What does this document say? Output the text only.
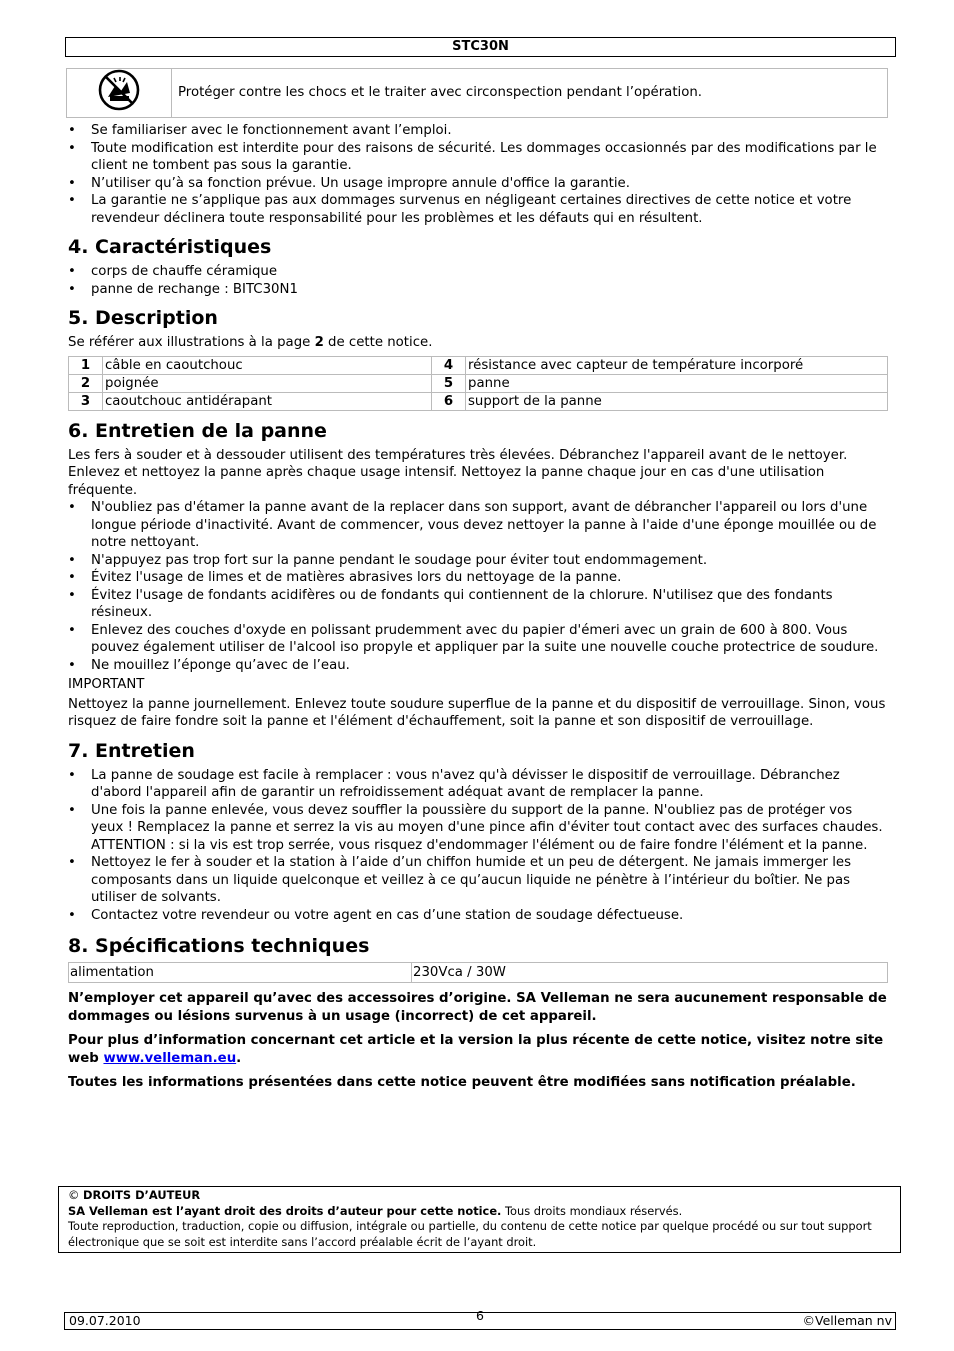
STC30N
	Protéger contre les chocs et le traiter avec circonspection pendant l’opération.
• Se familiariser avec le fonctionnement avant l’emploi.
• Toute modification est interdite pour des raisons de sécurité. Les dommages occasionnés par des modifications par le client ne tombent pas sous la garantie.
• N’utiliser qu’à sa fonction prévue. Un usage impropre annule d'office la garantie.
• La garantie ne s’applique pas aux dommages survenus en négligeant certaines directives de cette notice et votre revendeur déclinera toute responsabilité pour les problèmes et les défauts qui en résultent.
4. Caractéristiques
• corps de chauffe céramique
• panne de rechange : BITC30N1
5. Description

Se référer aux illustrations à la page 2 de cette notice.

1	câble en caoutchouc	4	résistance avec capteur de température incorporé
2	poignée	5	panne
3	caoutchouc antidérapant	6	support de la panne
6. Entretien de la panne

Les fers à souder et à dessouder utilisent des températures très élevées. Débranchez l'appareil avant de le nettoyer.

Enlevez et nettoyez la panne après chaque usage intensif. Nettoyez la panne chaque jour en cas d'une utilisation fréquente.

• N'oubliez pas d'étamer la panne avant de la replacer dans son support, avant de débrancher l'appareil ou lors d'une longue période d'inactivité. Avant de commencer, vous devez nettoyer la panne à l'aide d'une éponge mouillée ou de notre nettoyant.
• N'appuyez pas trop fort sur la panne pendant le soudage pour éviter tout endommagement.
• Évitez l'usage de limes et de matières abrasives lors du nettoyage de la panne.
• Évitez l'usage de fondants acidifères ou de fondants qui contiennent de la chlorure. N'utilisez que des fondants résineux.
• Enlevez des couches d'oxyde en polissant prudemment avec du papier d'émeri avec un grain de 600 à 800. Vous pouvez également utiliser de l'alcool iso propyle et appliquer par la suite une nouvelle couche protectrice de soudure.
• Ne mouillez l’éponge qu’avec de l’eau.

IMPORTANT

Nettoyez la panne journellement. Enlevez toute soudure superflue de la panne et du dispositif de verrouillage. Sinon, vous risquez de faire fondre soit la panne et l'élément d'échauffement, soit la panne et son dispositif de verrouillage.

7. Entretien
• La panne de soudage est facile à remplacer : vous n'avez qu'à dévisser le dispositif de verrouillage. Débranchez d'abord l'appareil afin de garantir un refroidissement adéquat avant de remplacer la panne.
• Une fois la panne enlevée, vous devez souffler la poussière du support de la panne. N'oubliez pas de protéger vos yeux ! Remplacez la panne et serrez la vis au moyen d'une pince afin d'éviter tout contact avec des surfaces chaudes. ATTENTION : si la vis est trop serrée, vous risquez d'endommager l'élément ou de faire fondre l'élément et la panne.
• Nettoyez le fer à souder et la station à l’aide d’un chiffon humide et un peu de détergent. Ne jamais immerger les composants dans un liquide quelconque et veillez à ce qu’aucun liquide ne pénètre à l’intérieur du boîtier. Ne pas utiliser de solvants.
• Contactez votre revendeur ou votre agent en cas d’une station de soudage défectueuse.
8. Spécifications techniques
alimentation	230Vca / 30W

N’employer cet appareil qu’avec des accessoires d’origine. SA Velleman ne sera aucunement responsable de dommages ou lésions survenus à un usage (incorrect) de cet appareil.

Pour plus d’information concernant cet article et la version la plus récente de cette notice, visitez notre site web www.velleman.eu.

Toutes les informations présentées dans cette notice peuvent être modifiées sans notification préalable.

© DROITS D’AUTEUR
SA Velleman est l’ayant droit des droits d’auteur pour cette notice. Tous droits mondiaux réservés.
Toute reproduction, traduction, copie ou diffusion, intégrale ou partielle, du contenu de cette notice par quelque procédé ou sur tout support électronique que se soit est interdite sans l’accord préalable écrit de l’ayant droit.
09.07.2010	6	©Velleman nv
